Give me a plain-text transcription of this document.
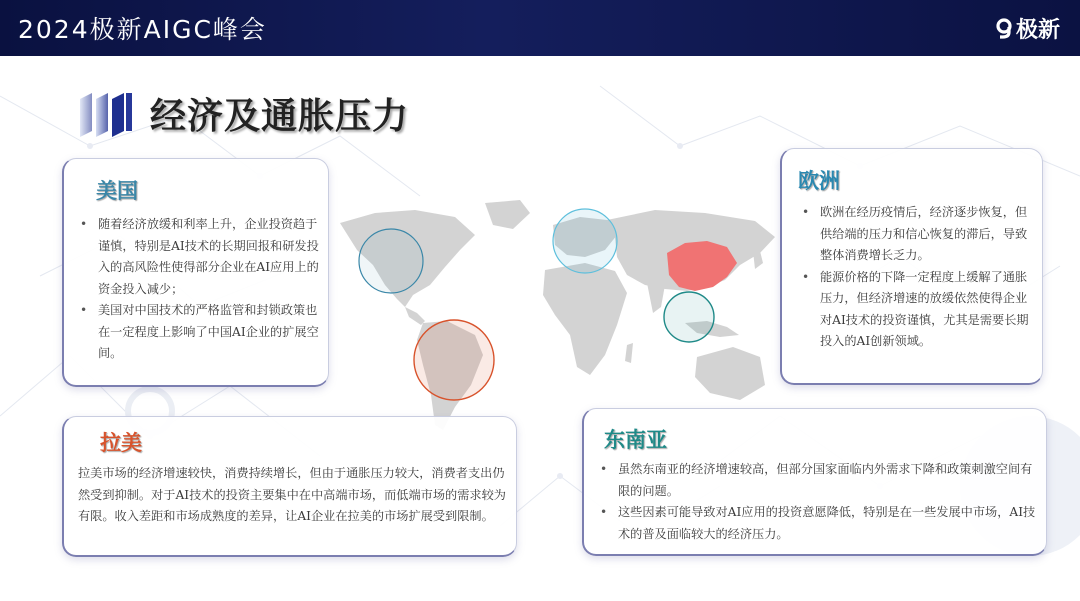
2024极新AIGC峰会	极新
经济及通胀压力
美国
• 随着经济放缓和利率上升，企业投资趋于谨慎，特别是AI技术的长期回报和研发投入的高风险性使得部分企业在AI应用上的资金投入减少；
• 美国对中国技术的严格监管和封锁政策也在一定程度上影响了中国AI企业的扩展空间。
欧洲
• 欧洲在经历疫情后，经济逐步恢复，但供给端的压力和信心恢复的滞后，导致整体消费增长乏力。
• 能源价格的下降一定程度上缓解了通胀压力，但经济增速的放缓依然使得企业对AI技术的投资谨慎，尤其是需要长期投入的AI创新领域。
拉美

拉美市场的经济增速较快，消费持续增长，但由于通胀压力较大，消费者支出仍然受到抑制。对于AI技术的投资主要集中在中高端市场，而低端市场的需求较为有限。收入差距和市场成熟度的差异，让AI企业在拉美的市场扩展受到限制。

东南亚
• 虽然东南亚的经济增速较高，但部分国家面临内外需求下降和政策刺激空间有限的问题。
• 这些因素可能导致对AI应用的投资意愿降低，特别是在一些发展中市场，AI技术的普及面临较大的经济压力。
